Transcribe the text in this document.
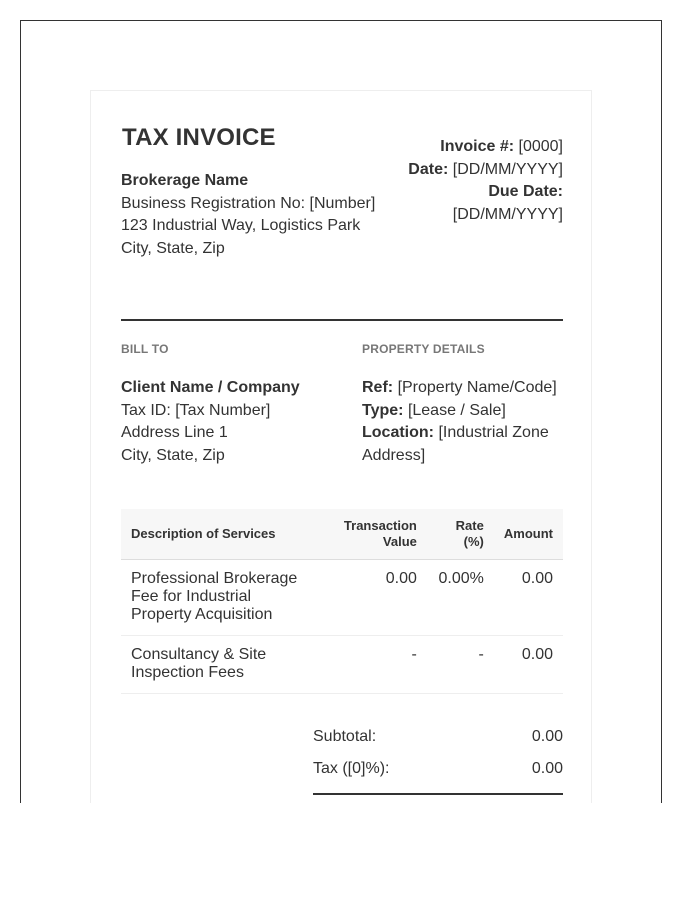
TAX INVOICE
Brokerage Name
Business Registration No: [Number]
123 Industrial Way, Logistics Park
City, State, Zip
Invoice #: [0000]
Date: [DD/MM/YYYY]
Due Date:
[DD/MM/YYYY]
BILL TO
Client Name / Company
Tax ID: [Tax Number]
Address Line 1
City, State, Zip
PROPERTY DETAILS
Ref: [Property Name/Code]
Type: [Lease / Sale]
Location: [Industrial Zone Address]
Description of Services	Transaction Value	Rate (%)	Amount
Professional Brokerage Fee for Industrial Property Acquisition	0.00	0.00%	0.00
Consultancy & Site Inspection Fees	-	-	0.00
Subtotal:	0.00
Tax ([0]%):	0.00
